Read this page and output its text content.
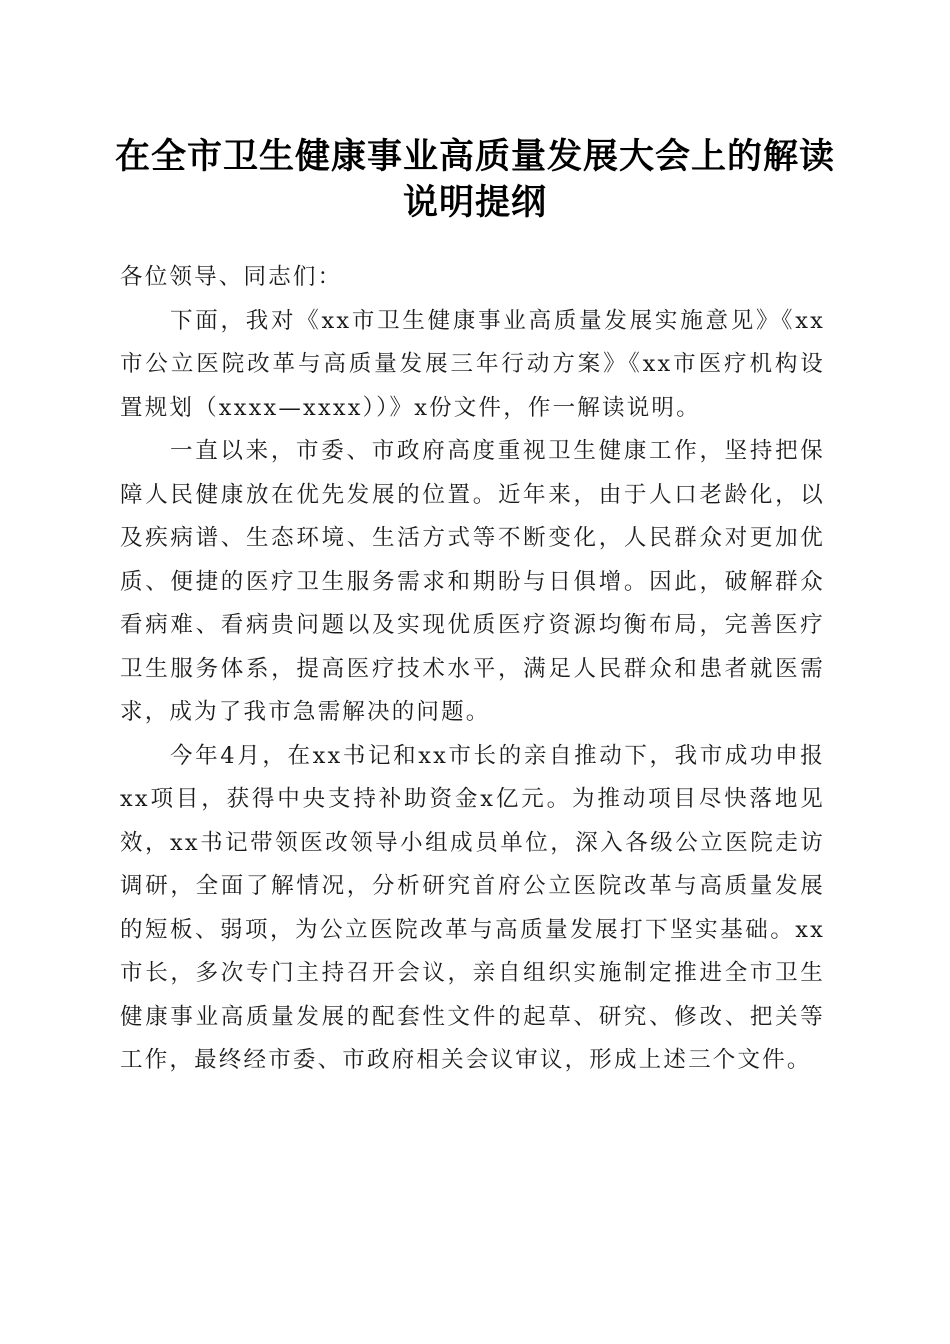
在全市卫生健康事业高质量发展大会上的解读
说明提纲

各位领导、同志们：

下面，我对《xx市卫生健康事业高质量发展实施意见》《xx市公立医院改革与高质量发展三年行动方案》《xx市医疗机构设置规划（xxxx—xxxx））》x份文件，作一解读说明。

一直以来，市委、市政府高度重视卫生健康工作，坚持把保障人民健康放在优先发展的位置。近年来，由于人口老龄化，以及疾病谱、生态环境、生活方式等不断变化，人民群众对更加优质、便捷的医疗卫生服务需求和期盼与日俱增。因此，破解群众看病难、看病贵问题以及实现优质医疗资源均衡布局，完善医疗卫生服务体系，提高医疗技术水平，满足人民群众和患者就医需求，成为了我市急需解决的问题。

今年4月，在xx书记和xx市长的亲自推动下，我市成功申报xx项目，获得中央支持补助资金x亿元。为推动项目尽快落地见效，xx书记带领医改领导小组成员单位，深入各级公立医院走访调研，全面了解情况，分析研究首府公立医院改革与高质量发展的短板、弱项，为公立医院改革与高质量发展打下坚实基础。xx市长，多次专门主持召开会议，亲自组织实施制定推进全市卫生健康事业高质量发展的配套性文件的起草、研究、修改、把关等工作，最终经市委、市政府相关会议审议，形成上述三个文件。
